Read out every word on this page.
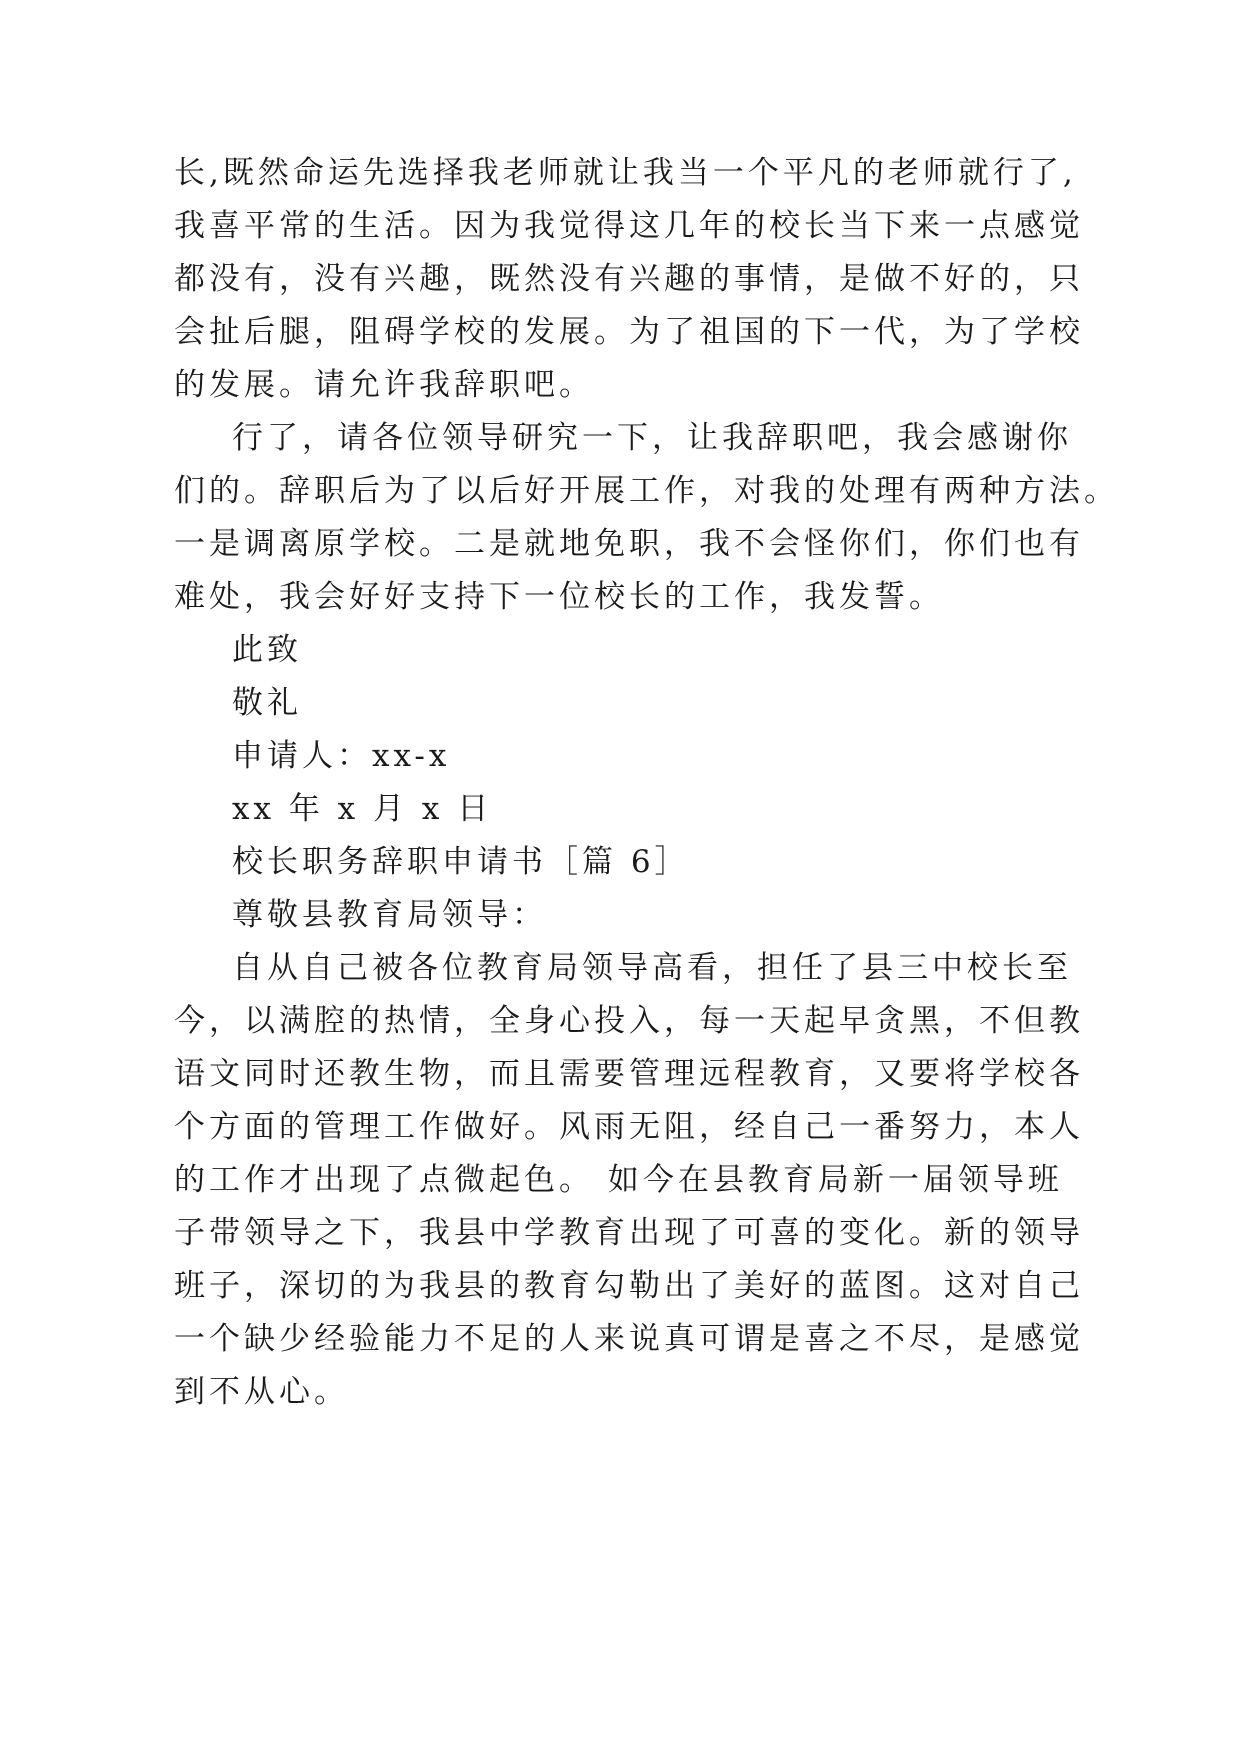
长,既然命运先选择我老师就让我当一个平凡的老师就行了,
我喜平常的生活。因为我觉得这几年的校长当下来一点感觉
都没有，没有兴趣，既然没有兴趣的事情，是做不好的，只
会扯后腿，阻碍学校的发展。为了祖国的下一代，为了学校
的发展。请允许我辞职吧。
行了，请各位领导研究一下，让我辞职吧，我会感谢你
们的。辞职后为了以后好开展工作，对我的处理有两种方法。
一是调离原学校。二是就地免职，我不会怪你们，你们也有
难处，我会好好支持下一位校长的工作，我发誓。
此致
敬礼
申请人：xx-x
xx 年 x 月 x 日
校长职务辞职申请书［篇 6］
尊敬县教育局领导：
自从自己被各位教育局领导高看，担任了县三中校长至
今，以满腔的热情，全身心投入，每一天起早贪黑，不但教
语文同时还教生物，而且需要管理远程教育，又要将学校各
个方面的管理工作做好。风雨无阻，经自己一番努力，本人
的工作才出现了点微起色。 如今在县教育局新一届领导班
子带领导之下，我县中学教育出现了可喜的变化。新的领导
班子，深切的为我县的教育勾勒出了美好的蓝图。这对自己
一个缺少经验能力不足的人来说真可谓是喜之不尽，是感觉
到不从心。
